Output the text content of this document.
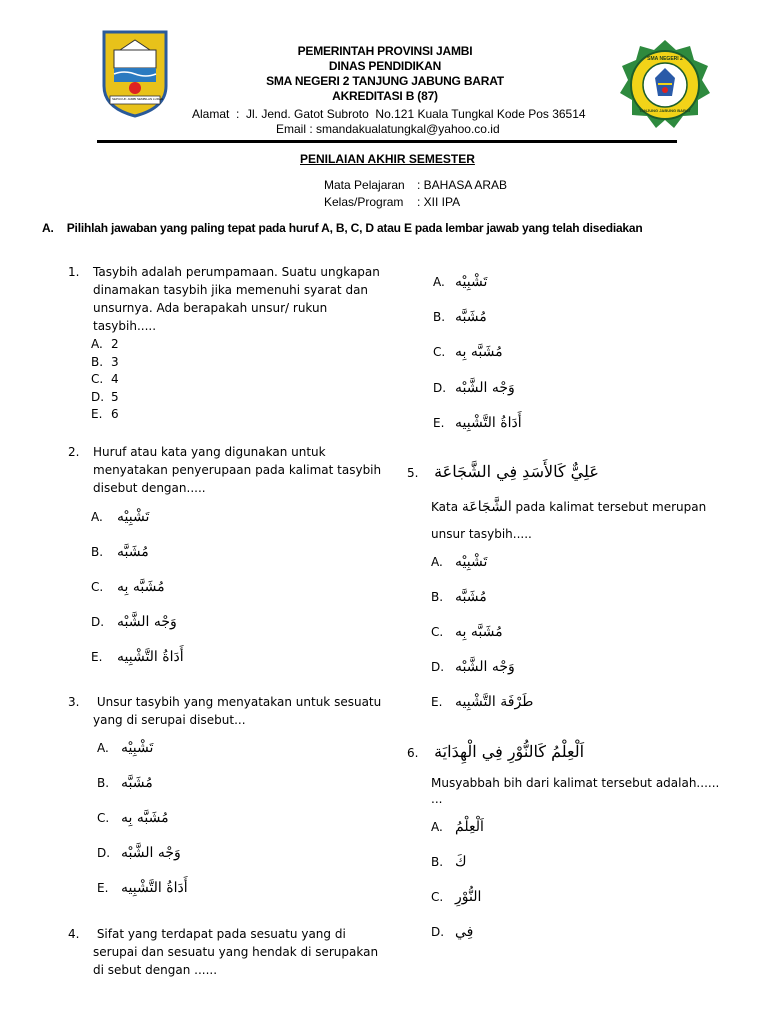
SEPUCUK JAMBI SEMBILAN LURAH
SMA NEGERI 2
TANJUNG JABUNG BARAT
PEMERINTAH PROVINSI JAMBI
DINAS PENDIDIKAN
SMA NEGERI 2 TANJUNG JABUNG BARAT
AKREDITASI B (87)
Alamat  :  Jl. Jend. Gatot Subroto  No.121 Kuala Tungkal Kode Pos 36514
Email : smandakualatungkal@yahoo.co.id
PENILAIAN AKHIR SEMESTER
Mata Pelajaran : BAHASA ARAB
Kelas/Program : XII IPA
A. Pilihlah jawaban yang paling tepat pada huruf A, B, C, D atau E pada lembar jawab yang telah disediakan
1. Tasybih adalah perumpamaan. Suatu ungkapan
dinamakan tasybih jika memenuhi syarat dan
unsurnya. Ada berapakah unsur/ rukun
tasybih.....
A. 2
B. 3
C. 4
D. 5
E. 6
2. Huruf atau kata yang digunakan untuk
menyatakan penyerupaan pada kalimat tasybih
disebut dengan.....
A. تَشْبِيْه
B. مُشَبَّه
C. مُشَبَّه بِه
D. وَجْه الشَّبْه
E. أَدَاةُ التَّشْبِيه
3. Unsur tasybih yang menyatakan untuk sesuatu
yang di serupai disebut...
A. تَشْبِيْه
B. مُشَبَّه
C. مُشَبَّه بِه
D. وَجْه الشَّبْه
E. أَدَاةُ التَّشْبِيه
4. Sifat yang terdapat pada sesuatu yang di
serupai dan sesuatu yang hendak di serupakan
di sebut dengan ......
A. تَشْبِيْه
B. مُشَبَّه
C. مُشَبَّه بِه
D. وَجْه الشَّبْه
E. أَدَاةُ التَّشْبِيه
5. عَلِيٌّ كَالأَسَدِ فِي الشَّجَاعَة
Kata الشَّجَاعَة pada kalimat tersebut merupan
unsur tasybih.....
A. تَشْبِيْه
B. مُشَبَّه
C. مُشَبَّه بِه
D. وَجْه الشَّبْه
E. طَرْفَة التَّشْبِيه
6. اَلْعِلْمُ كَالنُّوْرِ فِي الْهِدَايَة
Musyabbah bih dari kalimat tersebut adalah......
...
A. اَلْعِلْمُ
B. كَ
C. النُّوْرِ
D. فِي
